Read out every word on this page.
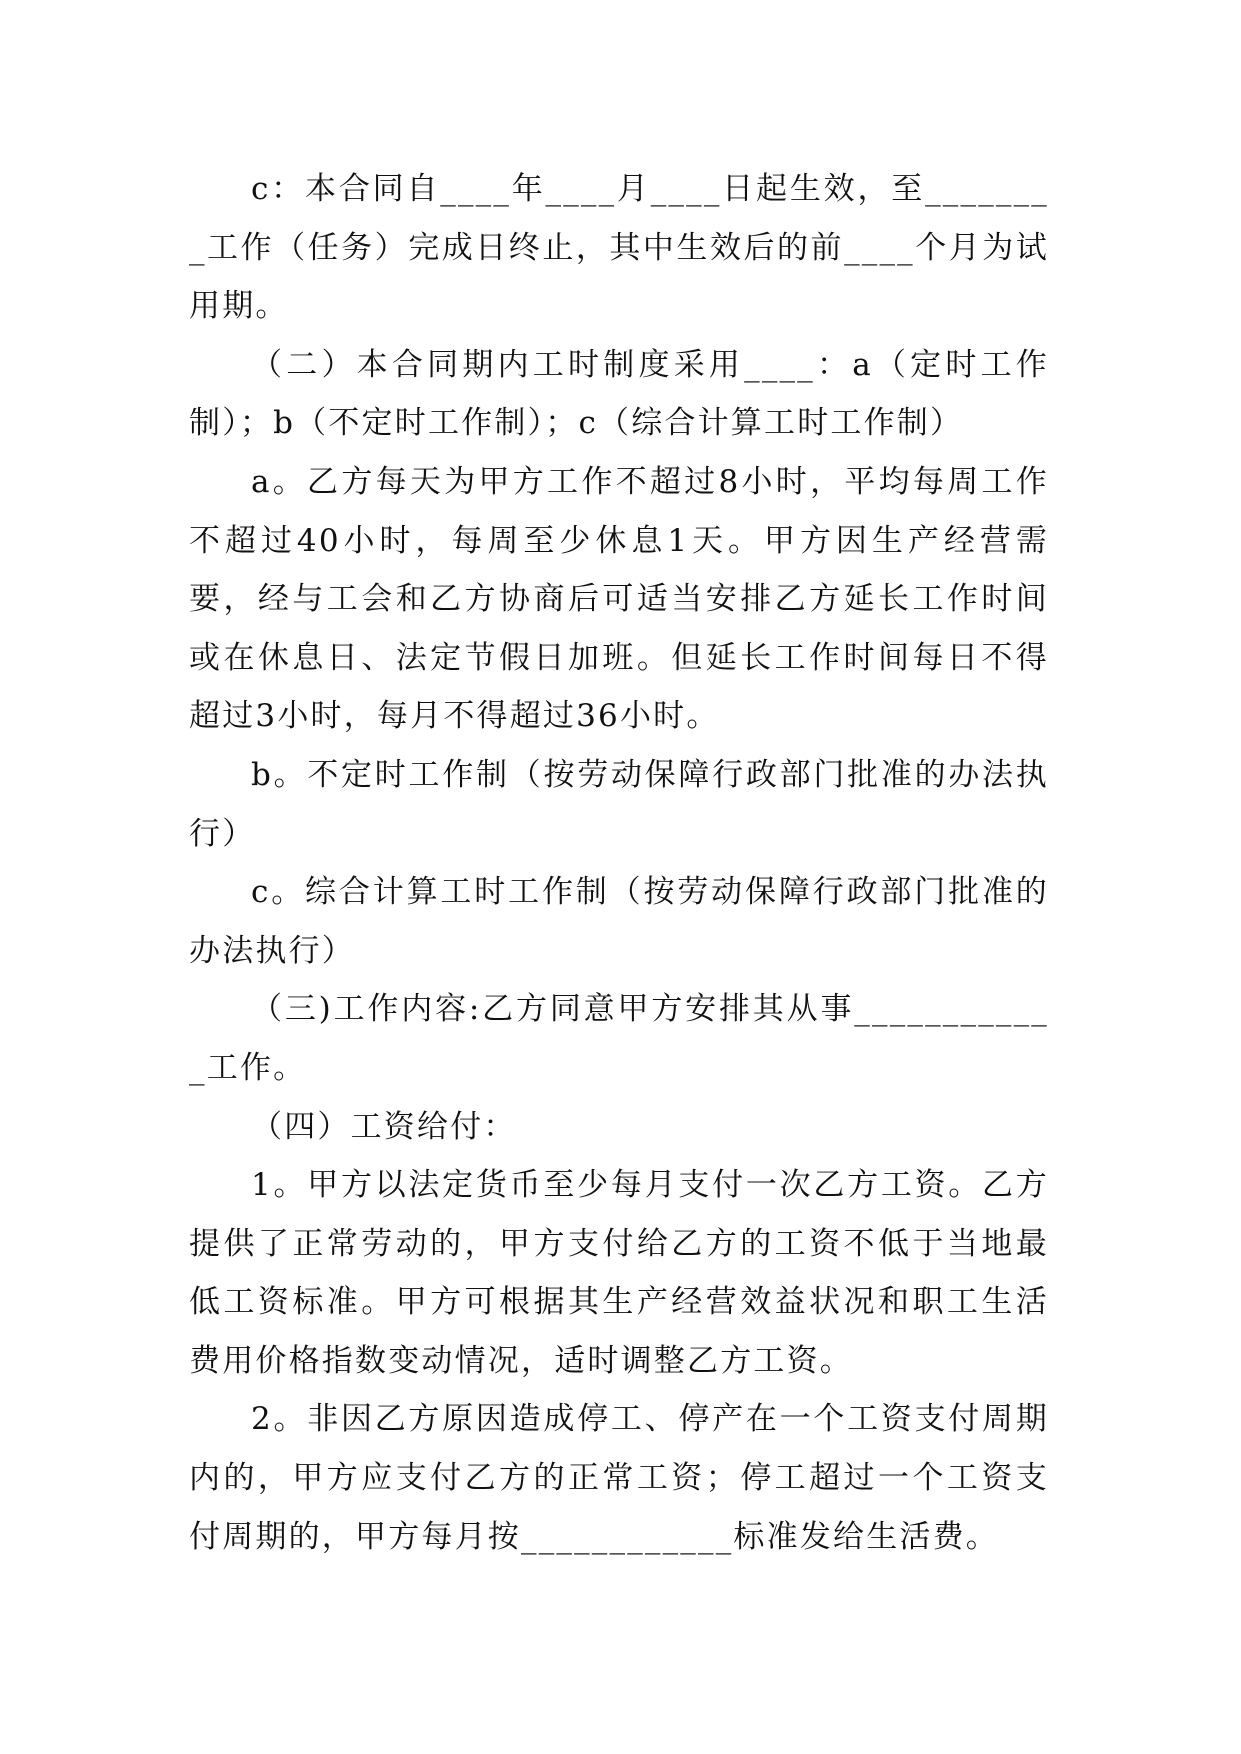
c：本合同自____年____月____日起生效，至________工作（任务）完成日终止，其中生效后的前____个月为试用期。

（二）本合同期内工时制度采用____：a（定时工作制）；b（不定时工作制）；c（综合计算工时工作制）

a。乙方每天为甲方工作不超过8小时，平均每周工作不超过40小时，每周至少休息1天。甲方因生产经营需要，经与工会和乙方协商后可适当安排乙方延长工作时间或在休息日、法定节假日加班。但延长工作时间每日不得超过3小时，每月不得超过36小时。

b。不定时工作制（按劳动保障行政部门批准的办法执行）

c。综合计算工时工作制（按劳动保障行政部门批准的办法执行）

（三)工作内容:乙方同意甲方安排其从事____________工作。

（四）工资给付：

1。甲方以法定货币至少每月支付一次乙方工资。乙方提供了正常劳动的，甲方支付给乙方的工资不低于当地最低工资标准。甲方可根据其生产经营效益状况和职工生活费用价格指数变动情况，适时调整乙方工资。

2。非因乙方原因造成停工、停产在一个工资支付周期内的，甲方应支付乙方的正常工资；停工超过一个工资支付周期的，甲方每月按____________标准发给生活费。
